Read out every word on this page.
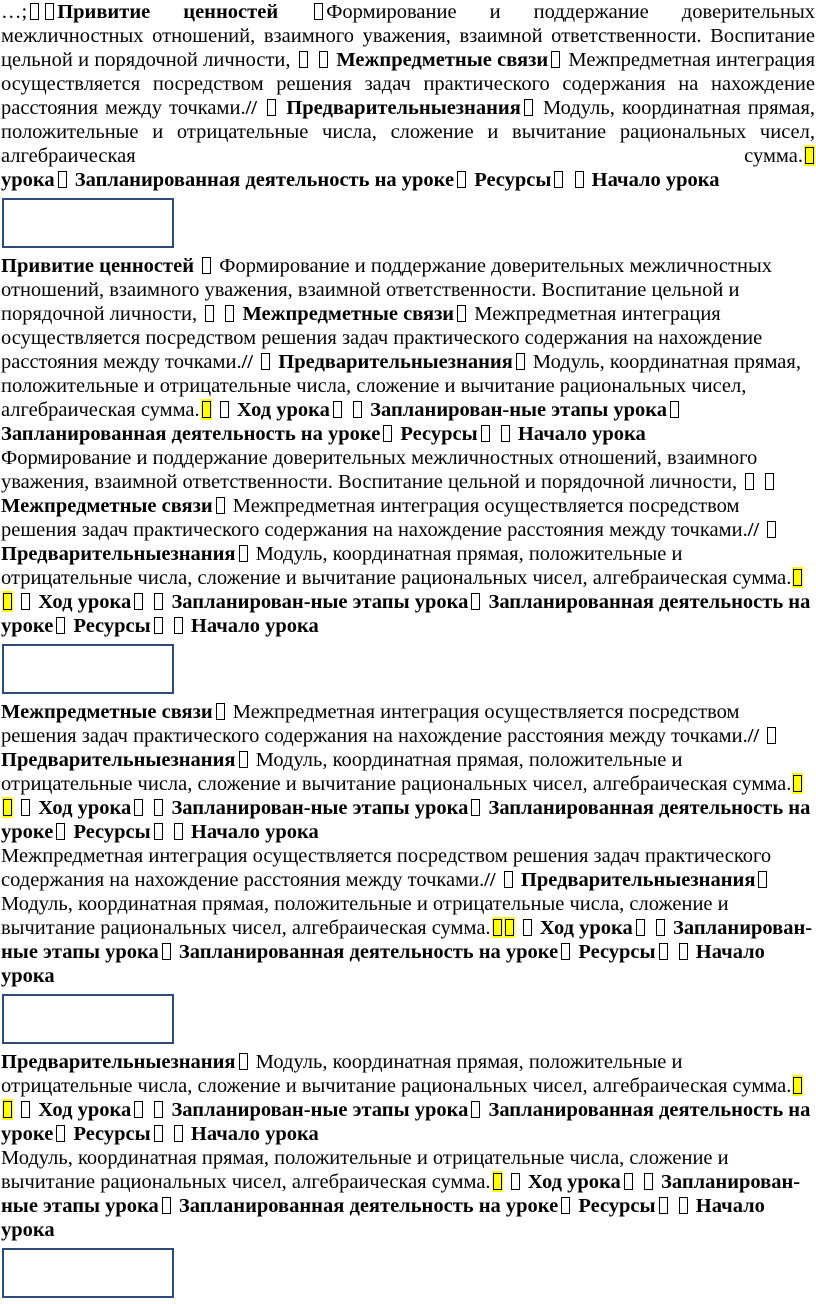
…; Привитие ценностей Формирование и поддержание доверительных межличностных отношений, взаимного уважения, взаимной ответственности. Воспитание цельной и порядочной личности, Межпредметные связи Межпредметная интеграция осуществляется посредством решения задач практического содержания на нахождение расстояния между точками.// Предварительныезнания Модуль, координатная прямая, положительные и отрицательные числа, сложение и вычитание рациональных чисел, алгебраическая	сумма.

урока Запланированная деятельность на уроке Ресурсы Начало урока

Привитие ценностей Формирование и поддержание доверительных межличностных отношений, взаимного уважения, взаимной ответственности. Воспитание цельной и порядочной личности, Межпредметные связи Межпредметная интеграция осуществляется посредством решения задач практического содержания на нахождение расстояния между точками.// Предварительныезнания Модуль, координатная прямая, положительные и отрицательные числа, сложение и вычитание рациональных чисел, алгебраическая сумма. Ход урока Запланирован-ные этапы урока Запланированная деятельность на уроке Ресурсы Начало урока

Формирование и поддержание доверительных межличностных отношений, взаимного уважения, взаимной ответственности. Воспитание цельной и порядочной личности,   Межпредметные связи Межпредметная интеграция осуществляется посредством решения задач практического содержания на нахождение расстояния между точками.//  Предварительныезнания Модуль, координатная прямая, положительные и отрицательные числа, сложение и вычитание рациональных чисел, алгебраическая сумма.  Ход урока Запланирован-ные этапы урока Запланированная деятельность на уроке Ресурсы Начало урока

Межпредметные связи Межпредметная интеграция осуществляется посредством решения задач практического содержания на нахождение расстояния между точками.//  Предварительныезнания Модуль, координатная прямая, положительные и отрицательные числа, сложение и вычитание рациональных чисел, алгебраическая сумма.  Ход урока Запланирован-ные этапы урока Запланированная деятельность на уроке Ресурсы Начало урока

Межпредметная интеграция осуществляется посредством решения задач практического содержания на нахождение расстояния между точками.// Предварительныезнания Модуль, координатная прямая, положительные и отрицательные числа, сложение и вычитание рациональных чисел, алгебраическая сумма. Ход урока Запланирован-ные этапы урока Запланированная деятельность на уроке Ресурсы Начало урока

Предварительныезнания Модуль, координатная прямая, положительные и отрицательные числа, сложение и вычитание рациональных чисел, алгебраическая сумма.  Ход урока Запланирован-ные этапы урока Запланированная деятельность на уроке Ресурсы Начало урока

Модуль, координатная прямая, положительные и отрицательные числа, сложение и вычитание рациональных чисел, алгебраическая сумма. Ход урока Запланирован-ные этапы урока Запланированная деятельность на уроке Ресурсы Начало урока
